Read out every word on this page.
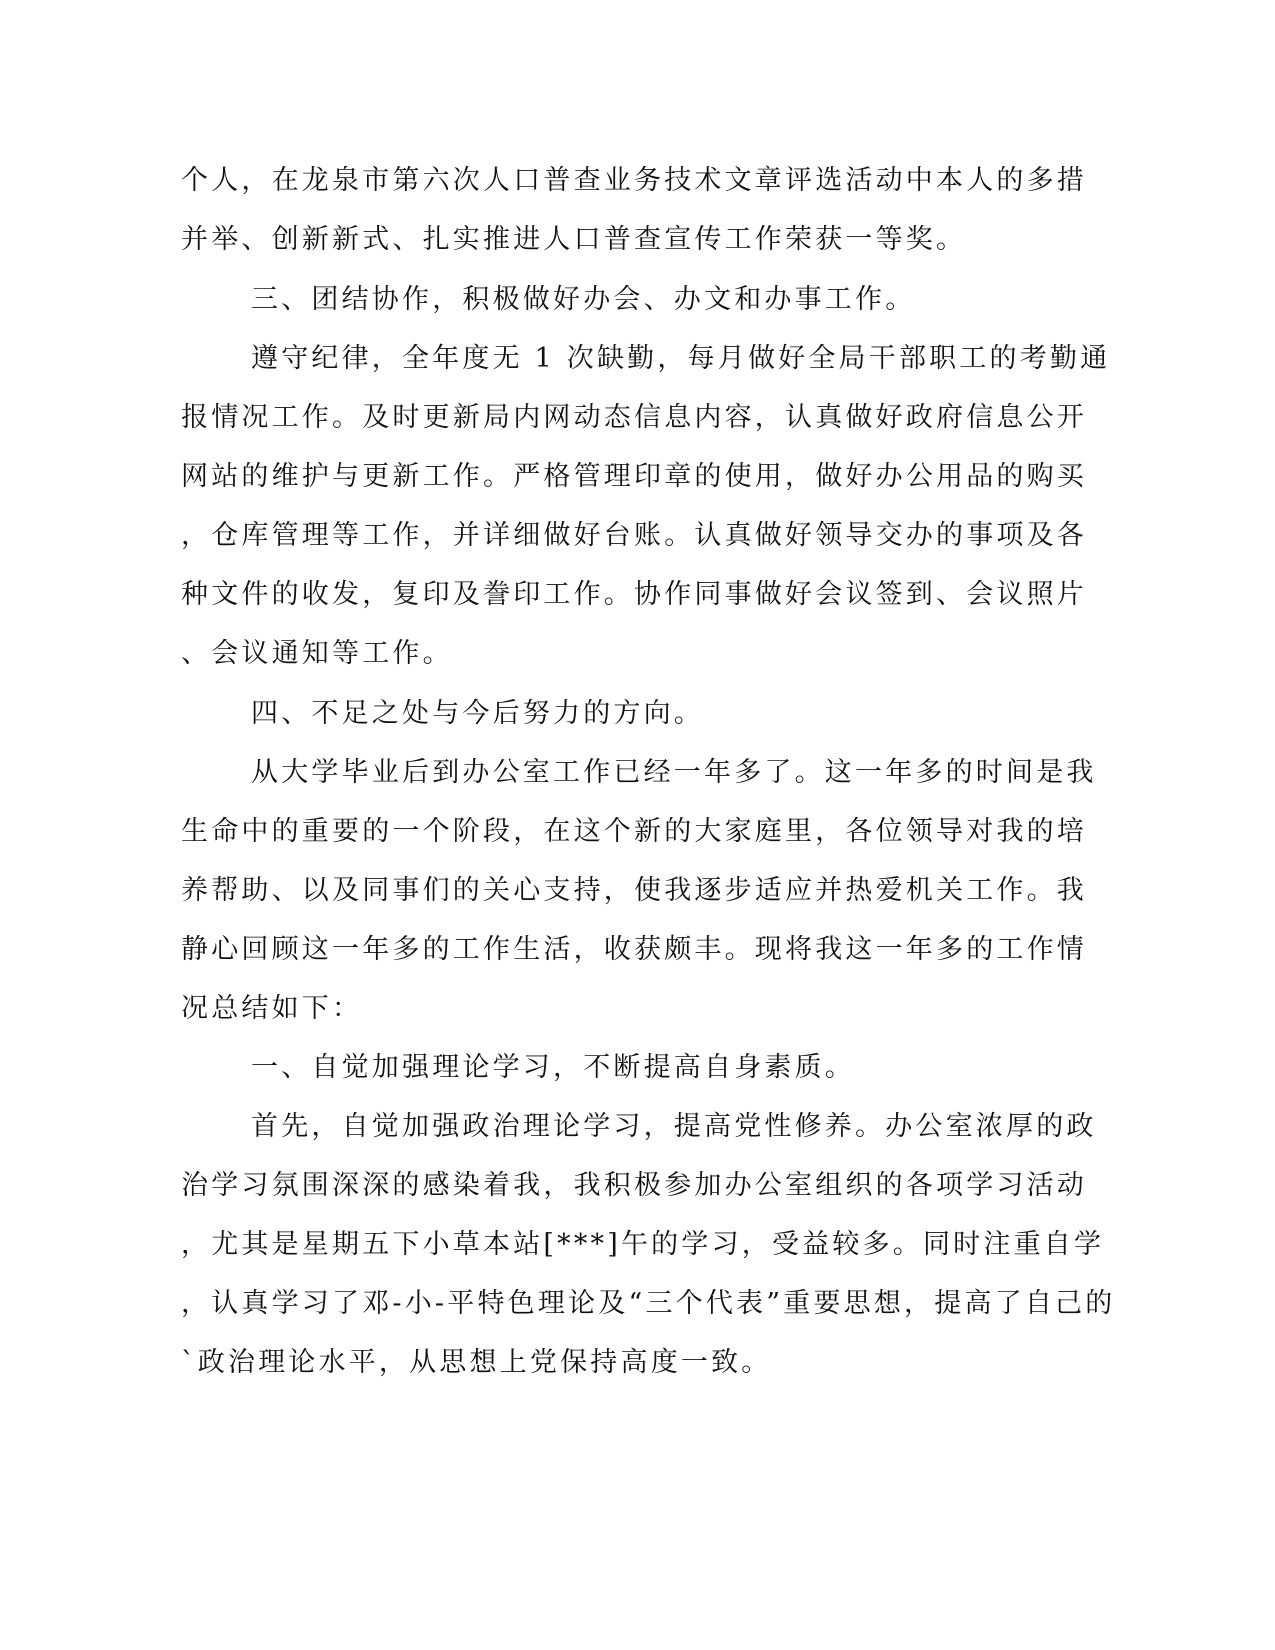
个人，在龙泉市第六次人口普查业务技术文章评选活动中本人的多措
并举、创新新式、扎实推进人口普查宣传工作荣获一等奖。
三、团结协作，积极做好办会、办文和办事工作。
遵守纪律，全年度无 1 次缺勤，每月做好全局干部职工的考勤通
报情况工作。及时更新局内网动态信息内容，认真做好政府信息公开
网站的维护与更新工作。严格管理印章的使用，做好办公用品的购买
，仓库管理等工作，并详细做好台账。认真做好领导交办的事项及各
种文件的收发，复印及誊印工作。协作同事做好会议签到、会议照片
、会议通知等工作。
四、不足之处与今后努力的方向。
从大学毕业后到办公室工作已经一年多了。这一年多的时间是我
生命中的重要的一个阶段，在这个新的大家庭里，各位领导对我的培
养帮助、以及同事们的关心支持，使我逐步适应并热爱机关工作。我
静心回顾这一年多的工作生活，收获颇丰。现将我这一年多的工作情
况总结如下：
一、自觉加强理论学习，不断提高自身素质。
首先，自觉加强政治理论学习，提高党性修养。办公室浓厚的政
治学习氛围深深的感染着我，我积极参加办公室组织的各项学习活动
，尤其是星期五下小草本站[***]午的学习，受益较多。同时注重自学
，认真学习了邓-小-平特色理论及“三个代表”重要思想，提高了自己的
`政治理论水平，从思想上党保持高度一致。
